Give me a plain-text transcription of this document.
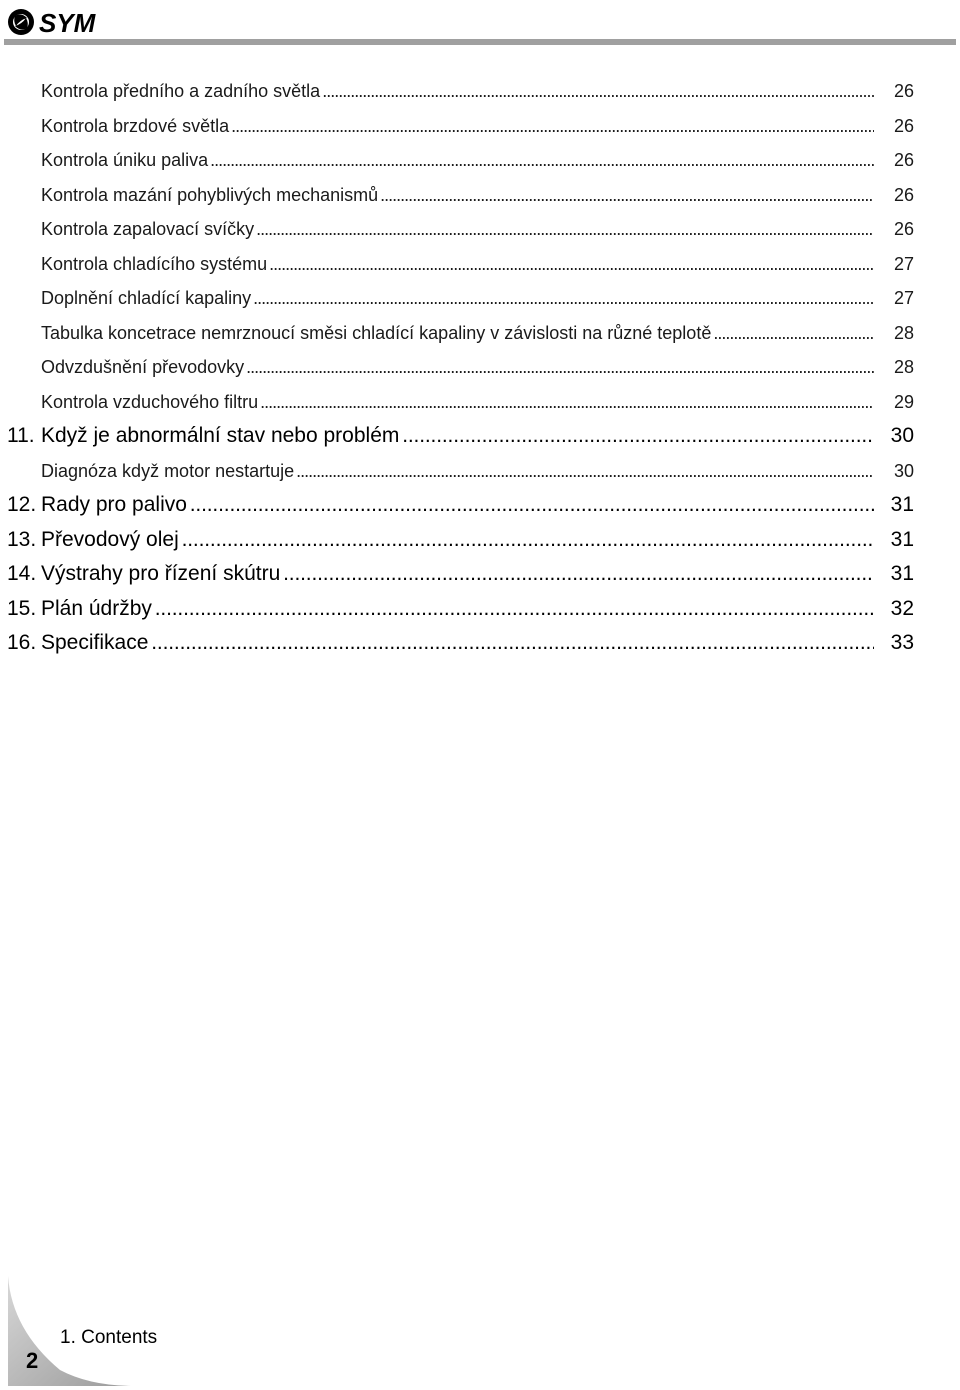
SYM
Kontrola předního a zadního světla . . .	26
Kontrola brzdové světla . . .	26
Kontrola úniku paliva . . .	26
Kontrola mazání pohyblivých mechanismů . . .	26
Kontrola zapalovací svíčky . . .	26
Kontrola chladícího systému . . .	27
Doplnění chladící kapaliny . . .	27
Tabulka koncetrace nemrznoucí směsi chladící kapaliny v závislosti na různé teplotě . . .	28
Odvzdušnění převodovky . . .	28
Kontrola vzduchového filtru . . .	29
11. Když je abnormální stav nebo problém . . .	30
Diagnóza když motor nestartuje . . .	30
12. Rady pro palivo . . .	31
13. Převodový olej . . .	31
14. Výstrahy pro řízení skútru . . .	31
15. Plán údržby . . .	32
16. Specifikace . . .	33
2
1. Contents
